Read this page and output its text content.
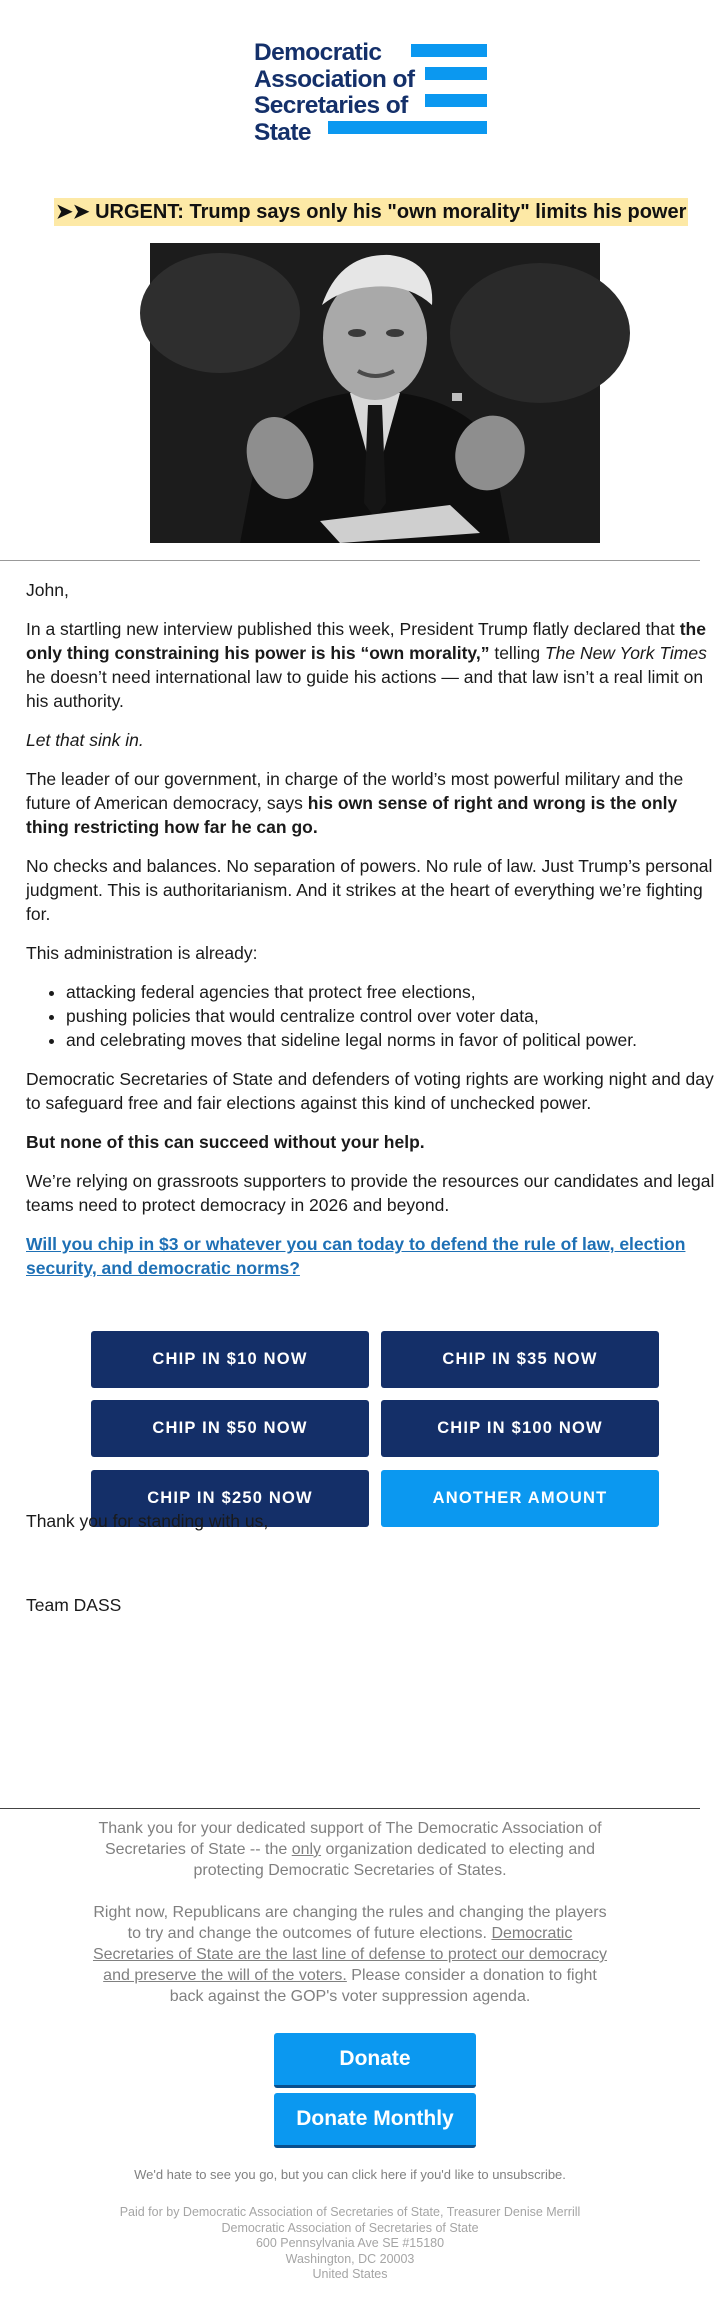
Democratic
Association of
Secretaries of
State
➤➤ URGENT: Trump says only his "own morality" limits his power

John,

In a startling new interview published this week, President Trump flatly declared that the only thing constraining his power is his “own morality,” telling The New York Times he doesn’t need international law to guide his actions — and that law isn’t a real limit on his authority.

Let that sink in.

The leader of our government, in charge of the world’s most powerful military and the future of American democracy, says his own sense of right and wrong is the only thing restricting how far he can go.

No checks and balances. No separation of powers. No rule of law. Just Trump’s personal judgment. This is authoritarianism. And it strikes at the heart of everything we’re fighting for.

This administration is already:

• attacking federal agencies that protect free elections,
• pushing policies that would centralize control over voter data,
• and celebrating moves that sideline legal norms in favor of political power.

Democratic Secretaries of State and defenders of voting rights are working night and day to safeguard free and fair elections against this kind of unchecked power.

But none of this can succeed without your help.

We’re relying on grassroots supporters to provide the resources our candidates and legal teams need to protect democracy in 2026 and beyond.

Will you chip in $3 or whatever you can today to defend the rule of law, election security, and democratic norms?

CHIP IN $10 NOW	CHIP IN $35 NOW
CHIP IN $50 NOW	CHIP IN $100 NOW
CHIP IN $250 NOW	ANOTHER AMOUNT
Thank you for standing with us,
Team DASS
Thank you for your dedicated support of The Democratic Association of Secretaries of State -- the only organization dedicated to electing and protecting Democratic Secretaries of States.
Right now, Republicans are changing the rules and changing the players to try and change the outcomes of future elections. Democratic Secretaries of State are the last line of defense to protect our democracy and preserve the will of the voters. Please consider a donation to fight back against the GOP's voter suppression agenda.
Donate
Donate Monthly
We'd hate to see you go, but you can click here if you'd like to unsubscribe.
Paid for by Democratic Association of Secretaries of State, Treasurer Denise Merrill
Democratic Association of Secretaries of State
600 Pennsylvania Ave SE #15180
Washington, DC 20003
United States
